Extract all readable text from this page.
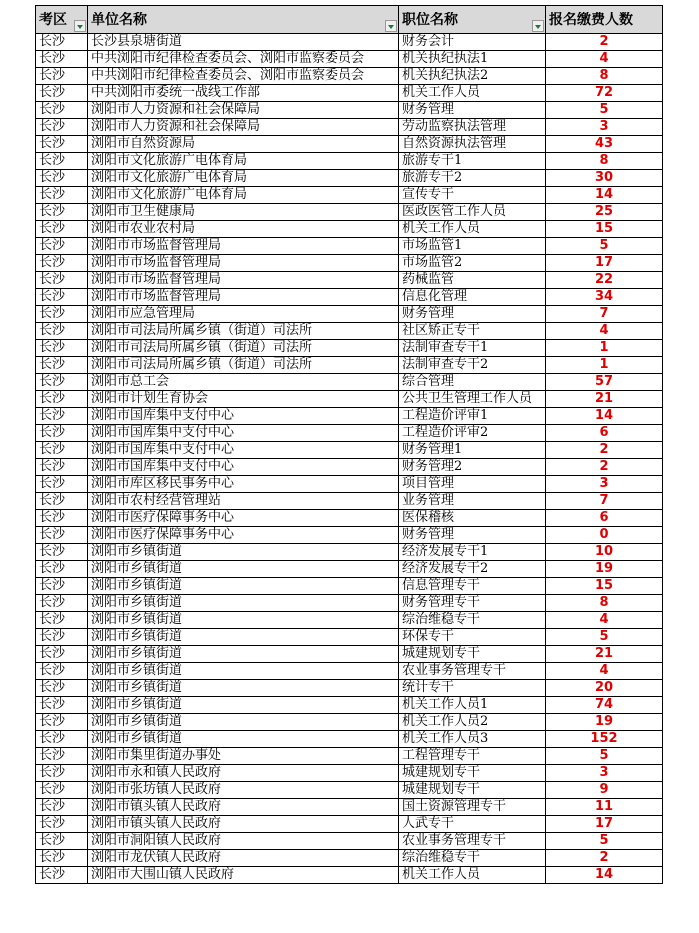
考区	单位名称	职位名称	报名缴费人数

长沙	长沙县泉塘街道	财务会计	2
长沙	中共浏阳市纪律检查委员会、浏阳市监察委员会	机关执纪执法1	4
长沙	中共浏阳市纪律检查委员会、浏阳市监察委员会	机关执纪执法2	8
长沙	中共浏阳市委统一战线工作部	机关工作人员	72
长沙	浏阳市人力资源和社会保障局	财务管理	5
长沙	浏阳市人力资源和社会保障局	劳动监察执法管理	3
长沙	浏阳市自然资源局	自然资源执法管理	43
长沙	浏阳市文化旅游广电体育局	旅游专干1	8
长沙	浏阳市文化旅游广电体育局	旅游专干2	30
长沙	浏阳市文化旅游广电体育局	宣传专干	14
长沙	浏阳市卫生健康局	医政医管工作人员	25
长沙	浏阳市农业农村局	机关工作人员	15
长沙	浏阳市市场监督管理局	市场监管1	5
长沙	浏阳市市场监督管理局	市场监管2	17
长沙	浏阳市市场监督管理局	药械监管	22
长沙	浏阳市市场监督管理局	信息化管理	34
长沙	浏阳市应急管理局	财务管理	7
长沙	浏阳市司法局所属乡镇（街道）司法所	社区矫正专干	4
长沙	浏阳市司法局所属乡镇（街道）司法所	法制审查专干1	1
长沙	浏阳市司法局所属乡镇（街道）司法所	法制审查专干2	1
长沙	浏阳市总工会	综合管理	57
长沙	浏阳市计划生育协会	公共卫生管理工作人员	21
长沙	浏阳市国库集中支付中心	工程造价评审1	14
长沙	浏阳市国库集中支付中心	工程造价评审2	6
长沙	浏阳市国库集中支付中心	财务管理1	2
长沙	浏阳市国库集中支付中心	财务管理2	2
长沙	浏阳市库区移民事务中心	项目管理	3
长沙	浏阳市农村经营管理站	业务管理	7
长沙	浏阳市医疗保障事务中心	医保稽核	6
长沙	浏阳市医疗保障事务中心	财务管理	0
长沙	浏阳市乡镇街道	经济发展专干1	10
长沙	浏阳市乡镇街道	经济发展专干2	19
长沙	浏阳市乡镇街道	信息管理专干	15
长沙	浏阳市乡镇街道	财务管理专干	8
长沙	浏阳市乡镇街道	综治维稳专干	4
长沙	浏阳市乡镇街道	环保专干	5
长沙	浏阳市乡镇街道	城建规划专干	21
长沙	浏阳市乡镇街道	农业事务管理专干	4
长沙	浏阳市乡镇街道	统计专干	20
长沙	浏阳市乡镇街道	机关工作人员1	74
长沙	浏阳市乡镇街道	机关工作人员2	19
长沙	浏阳市乡镇街道	机关工作人员3	152
长沙	浏阳市集里街道办事处	工程管理专干	5
长沙	浏阳市永和镇人民政府	城建规划专干	3
长沙	浏阳市张坊镇人民政府	城建规划专干	9
长沙	浏阳市镇头镇人民政府	国土资源管理专干	11
长沙	浏阳市镇头镇人民政府	人武专干	17
长沙	浏阳市洞阳镇人民政府	农业事务管理专干	5
长沙	浏阳市龙伏镇人民政府	综治维稳专干	2
长沙	浏阳市大围山镇人民政府	机关工作人员	14
